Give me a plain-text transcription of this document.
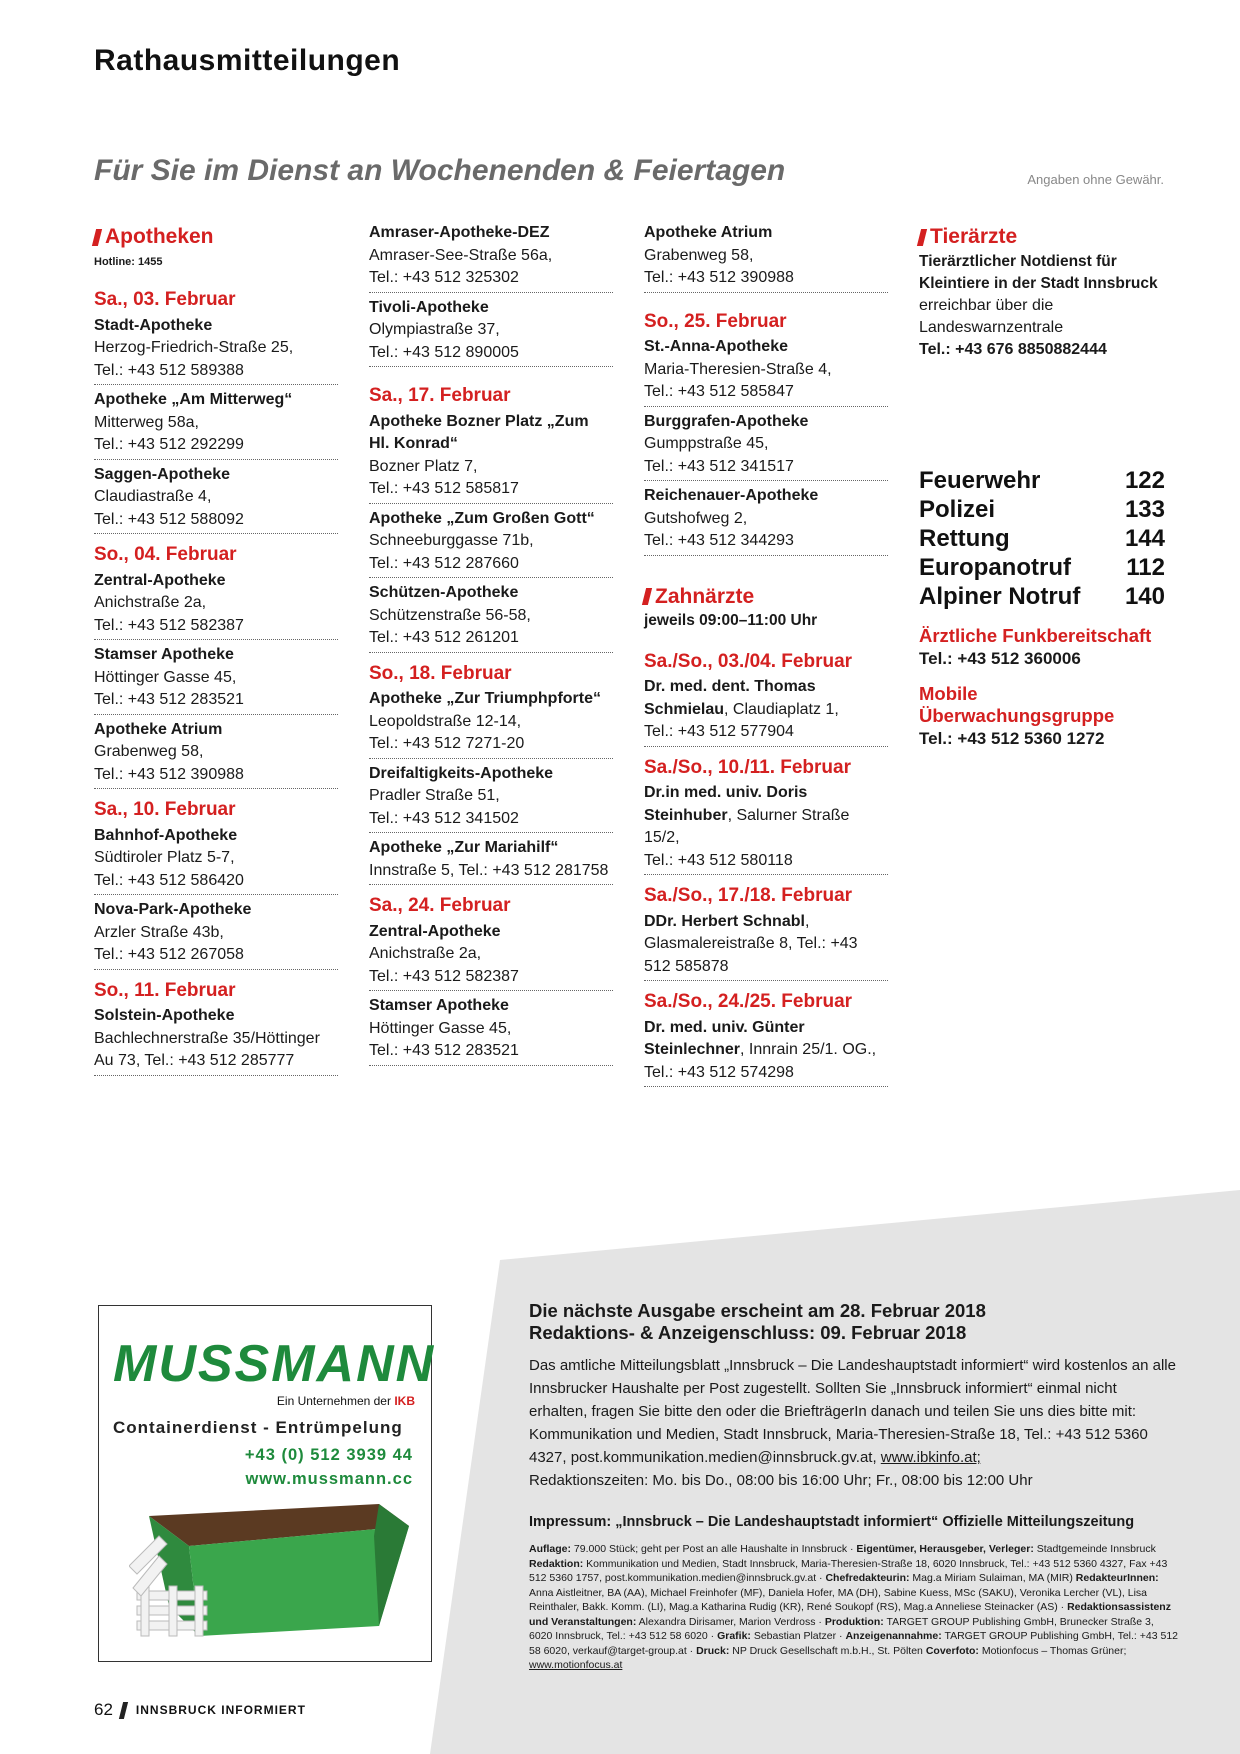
Rathausmitteilungen
Für Sie im Dienst an Wochenenden & Feiertagen	Angaben ohne Gewähr.
Apotheken
Hotline: 1455
Sa., 03. Februar
Stadt-Apotheke
Herzog-Friedrich-Straße 25,
Tel.: +43 512 589388
Apotheke „Am Mitterweg“
Mitterweg 58a,
Tel.: +43 512 292299
Saggen-Apotheke
Claudiastraße 4,
Tel.: +43 512 588092
So., 04. Februar
Zentral-Apotheke
Anichstraße 2a,
Tel.: +43 512 582387
Stamser Apotheke
Höttinger Gasse 45,
Tel.: +43 512 283521
Apotheke Atrium
Grabenweg 58,
Tel.: +43 512 390988
Sa., 10. Februar
Bahnhof-Apotheke
Südtiroler Platz 5-7,
Tel.: +43 512 586420
Nova-Park-Apotheke
Arzler Straße 43b,
Tel.: +43 512 267058
So., 11. Februar
Solstein-Apotheke
Bachlechnerstraße 35/Höttinger
Au 73, Tel.: +43 512 285777
Amraser-Apotheke-DEZ
Amraser-See-Straße 56a,
Tel.: +43 512 325302
Tivoli-Apotheke
Olympiastraße 37,
Tel.: +43 512 890005
Sa., 17. Februar
Apotheke Bozner Platz „Zum Hl. Konrad“
Bozner Platz 7,
Tel.: +43 512 585817
Apotheke „Zum Großen Gott“
Schneeburggasse 71b,
Tel.: +43 512 287660
Schützen-Apotheke
Schützenstraße 56-58,
Tel.: +43 512 261201
So., 18. Februar
Apotheke „Zur Triumphpforte“
Leopoldstraße 12-14,
Tel.: +43 512 7271-20
Dreifaltigkeits-Apotheke
Pradler Straße 51,
Tel.: +43 512 341502
Apotheke „Zur Mariahilf“
Innstraße 5, Tel.: +43 512 281758
Sa., 24. Februar
Zentral-Apotheke
Anichstraße 2a,
Tel.: +43 512 582387
Stamser Apotheke
Höttinger Gasse 45,
Tel.: +43 512 283521
Apotheke Atrium
Grabenweg 58,
Tel.: +43 512 390988
So., 25. Februar
St.-Anna-Apotheke
Maria-Theresien-Straße 4,
Tel.: +43 512 585847
Burggrafen-Apotheke
Gumppstraße 45,
Tel.: +43 512 341517
Reichenauer-Apotheke
Gutshofweg 2,
Tel.: +43 512 344293
Zahnärzte
jeweils 09:00–11:00 Uhr
Sa./So., 03./04. Februar
Dr. med. dent. Thomas Schmielau, Claudiaplatz 1,
Tel.: +43 512 577904
Sa./So., 10./11. Februar
Dr.in med. univ. Doris Steinhuber, Salurner Straße 15/2,
Tel.: +43 512 580118
Sa./So., 17./18. Februar
DDr. Herbert Schnabl, Glasmalereistraße 8, Tel.: +43 512 585878
Sa./So., 24./25. Februar
Dr. med. univ. Günter Steinlechner, Innrain 25/1. OG.,
Tel.: +43 512 574298
Tierärzte
Tierärztlicher Notdienst für Kleintiere in der Stadt Innsbruck
erreichbar über die Landeswarnzentrale
Tel.: +43 676 8850882444
Feuerwehr	122
Polizei	133
Rettung	144
Europanotruf 112
Alpiner Notruf 140
Ärztliche Funkbereitschaft
Tel.: +43 512 360006
Mobile Überwachungsgruppe
Tel.: +43 512 5360 1272
MUSSMANN
Ein Unternehmen der IKB
Containerdienst - Entrümpelung
+43 (0) 512 3939 44
www.mussmann.cc
Die nächste Ausgabe erscheint am 28. Februar 2018
Redaktions- & Anzeigenschluss: 09. Februar 2018
Das amtliche Mitteilungsblatt „Innsbruck – Die Landeshauptstadt informiert“ wird kostenlos an alle Innsbrucker Haushalte per Post zugestellt. Sollten Sie „Innsbruck informiert“ einmal nicht erhalten, fragen Sie bitte den oder die BriefträgerIn danach und teilen Sie uns dies bitte mit: Kommunikation und Medien, Stadt Innsbruck, Maria-Theresien-Straße 18, Tel.: +43 512 5360 4327, post.kommunikation.medien@innsbruck.gv.at, www.ibkinfo.at;
Redaktionszeiten: Mo. bis Do., 08:00 bis 16:00 Uhr; Fr., 08:00 bis 12:00 Uhr
Impressum: „Innsbruck – Die Landeshauptstadt informiert“ Offizielle Mitteilungszeitung
Auflage: 79.000 Stück; geht per Post an alle Haushalte in Innsbruck · Eigentümer, Herausgeber, Verleger: Stadtgemeinde Innsbruck Redaktion: Kommunikation und Medien, Stadt Innsbruck, Maria-Theresien-Straße 18, 6020 Innsbruck, Tel.: +43 512 5360 4327, Fax +43 512 5360 1757, post.kommunikation.medien@innsbruck.gv.at · Chefredakteurin: Mag.a Miriam Sulaiman, MA (MIR) RedakteurInnen: Anna Aistleitner, BA (AA), Michael Freinhofer (MF), Daniela Hofer, MA (DH), Sabine Kuess, MSc (SAKU), Veronika Lercher (VL), Lisa Reinthaler, Bakk. Komm. (LI), Mag.a Katharina Rudig (KR), René Soukopf (RS), Mag.a Anneliese Steinacker (AS) · Redaktionsassistenz und Veranstaltungen: Alexandra Dirisamer, Marion Verdross · Produktion: TARGET GROUP Publishing GmbH, Brunecker Straße 3, 6020 Innsbruck, Tel.: +43 512 58 6020 · Grafik: Sebastian Platzer · Anzeigenannahme: TARGET GROUP Publishing GmbH, Tel.: +43 512 58 6020, verkauf@target-group.at · Druck: NP Druck Gesellschaft m.b.H., St. Pölten Coverfoto: Motionfocus – Thomas Grüner; www.motionfocus.at
62 INNSBRUCK INFORMIERT
